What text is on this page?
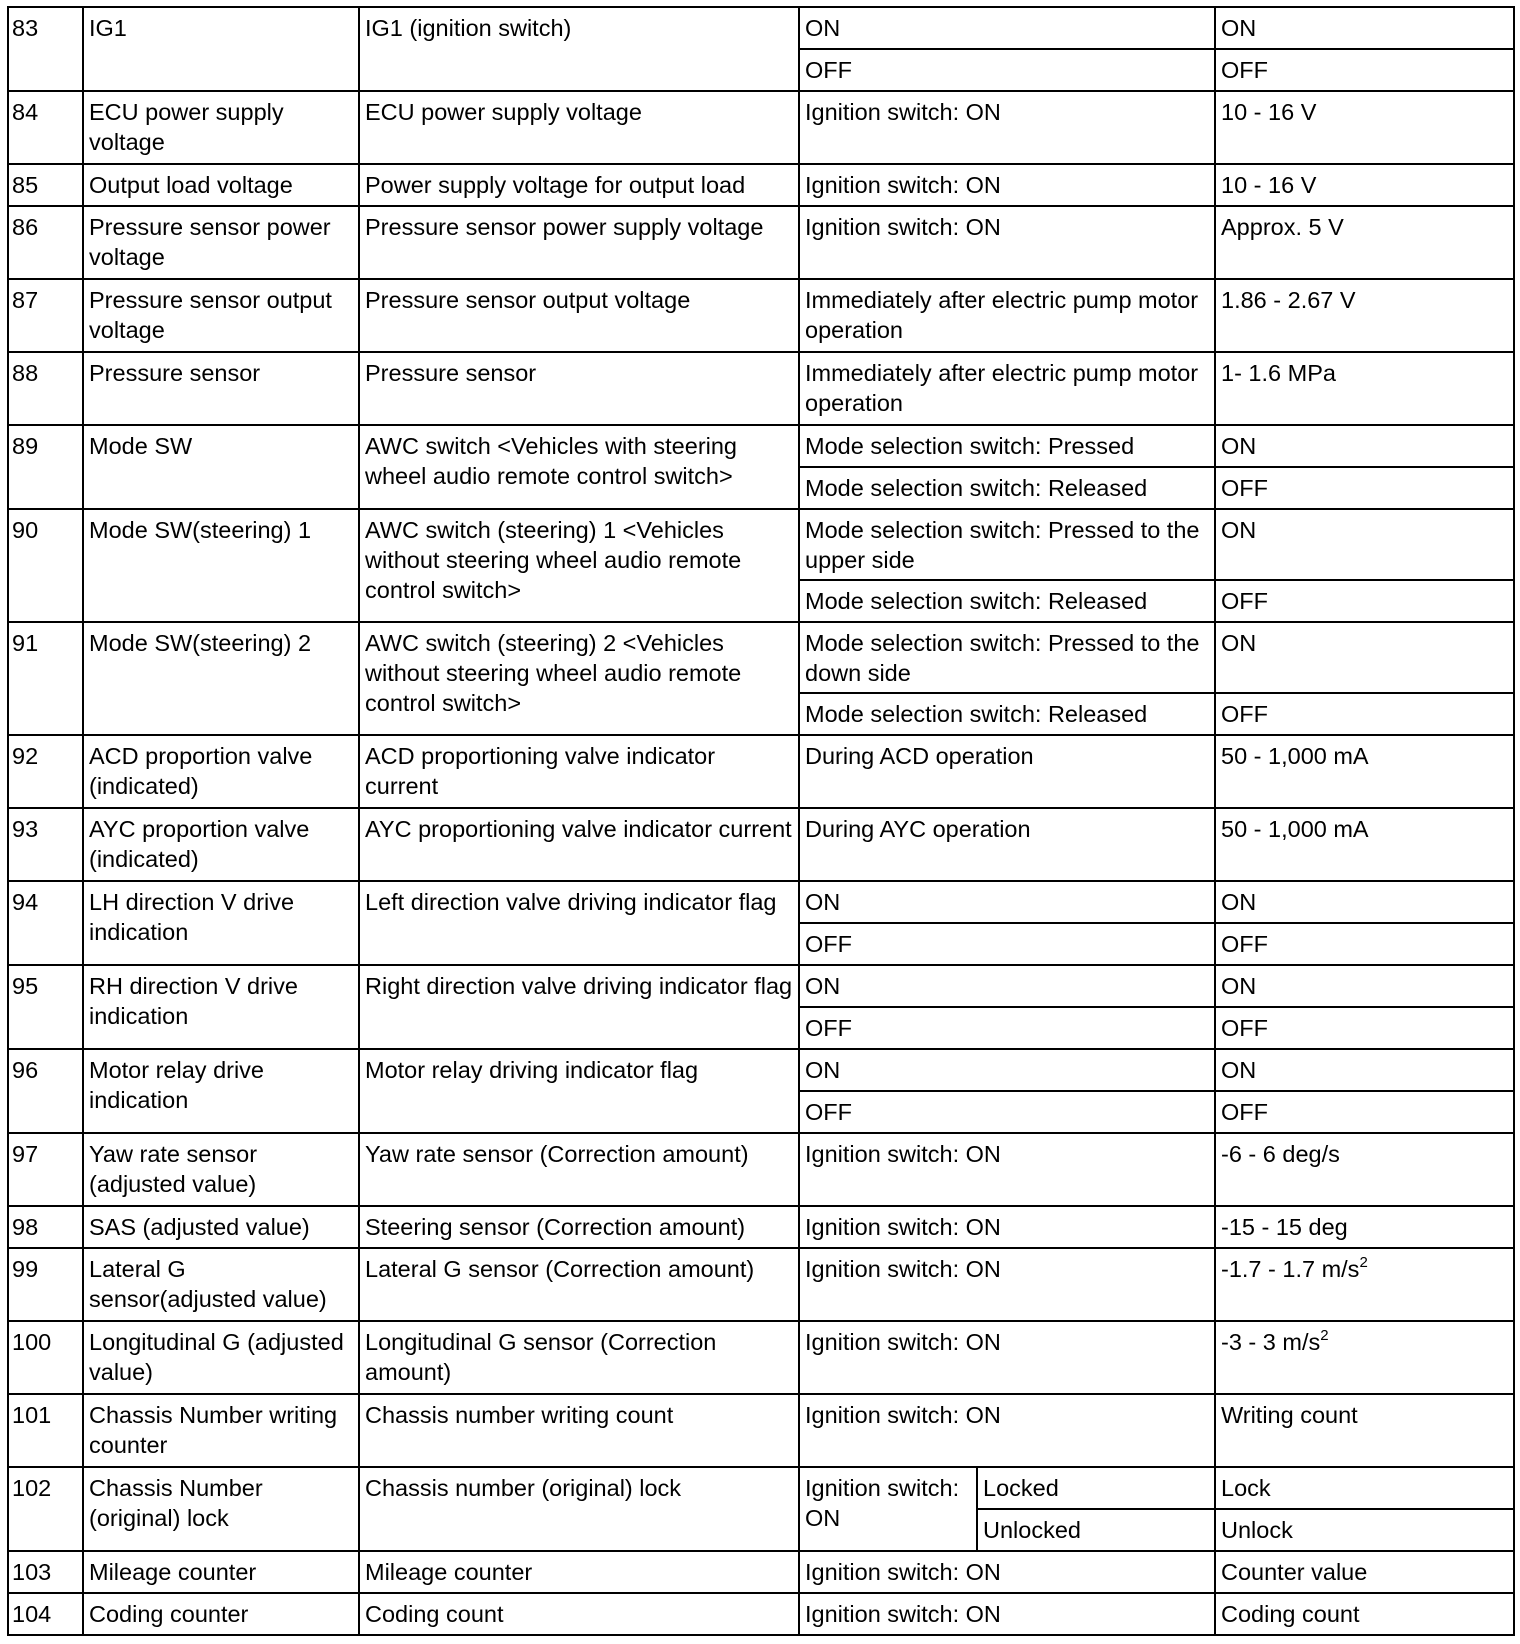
83	IG1	IG1 (ignition switch)	ON		ON
			OFF		OFF
84	ECU power supply voltage	ECU power supply voltage	Ignition switch: ON		10 - 16 V
85	Output load voltage	Power supply voltage for output load	Ignition switch: ON		10 - 16 V
86	Pressure sensor power voltage	Pressure sensor power supply voltage	Ignition switch: ON		Approx. 5 V
87	Pressure sensor output voltage	Pressure sensor output voltage	Immediately after electric pump motor operation		1.86 - 2.67 V
88	Pressure sensor	Pressure sensor	Immediately after electric pump motor operation		1- 1.6 MPa
89	Mode SW	AWC switch <Vehicles with steering wheel audio remote control switch>	Mode selection switch: Pressed		ON
			Mode selection switch: Released		OFF
90	Mode SW(steering) 1	AWC switch (steering) 1 <Vehicles without steering wheel audio remote control switch>	Mode selection switch: Pressed to the upper side		ON
			Mode selection switch: Released		OFF
91	Mode SW(steering) 2	AWC switch (steering) 2 <Vehicles without steering wheel audio remote control switch>	Mode selection switch: Pressed to the down side		ON
			Mode selection switch: Released		OFF
92	ACD proportion valve (indicated)	ACD proportioning valve indicator current	During ACD operation		50 - 1,000 mA
93	AYC proportion valve (indicated)	AYC proportioning valve indicator current	During AYC operation		50 - 1,000 mA
94	LH direction V drive indication	Left direction valve driving indicator flag	ON		ON
			OFF		OFF
95	RH direction V drive indication	Right direction valve driving indicator flag	ON		ON
			OFF		OFF
96	Motor relay drive indication	Motor relay driving indicator flag	ON		ON
			OFF		OFF
97	Yaw rate sensor (adjusted value)	Yaw rate sensor (Correction amount)	Ignition switch: ON		-6 - 6 deg/s
98	SAS (adjusted value)	Steering sensor (Correction amount)	Ignition switch: ON		-15 - 15 deg
99	Lateral G sensor(adjusted value)	Lateral G sensor (Correction amount)	Ignition switch: ON		-1.7 - 1.7 $m/s^2$
100	Longitudinal G (adjusted value)	Longitudinal G sensor (Correction amount)	Ignition switch: ON		-3 - 3 $m/s^2$
101	Chassis Number writing counter	Chassis number writing count	Ignition switch: ON		Writing count
102	Chassis Number (original) lock	Chassis number (original) lock	Ignition switch: ON	Locked	Lock
				Unlocked	Unlock
103	Mileage counter	Mileage counter	Ignition switch: ON		Counter value
104	Coding counter	Coding count	Ignition switch: ON		Coding count
